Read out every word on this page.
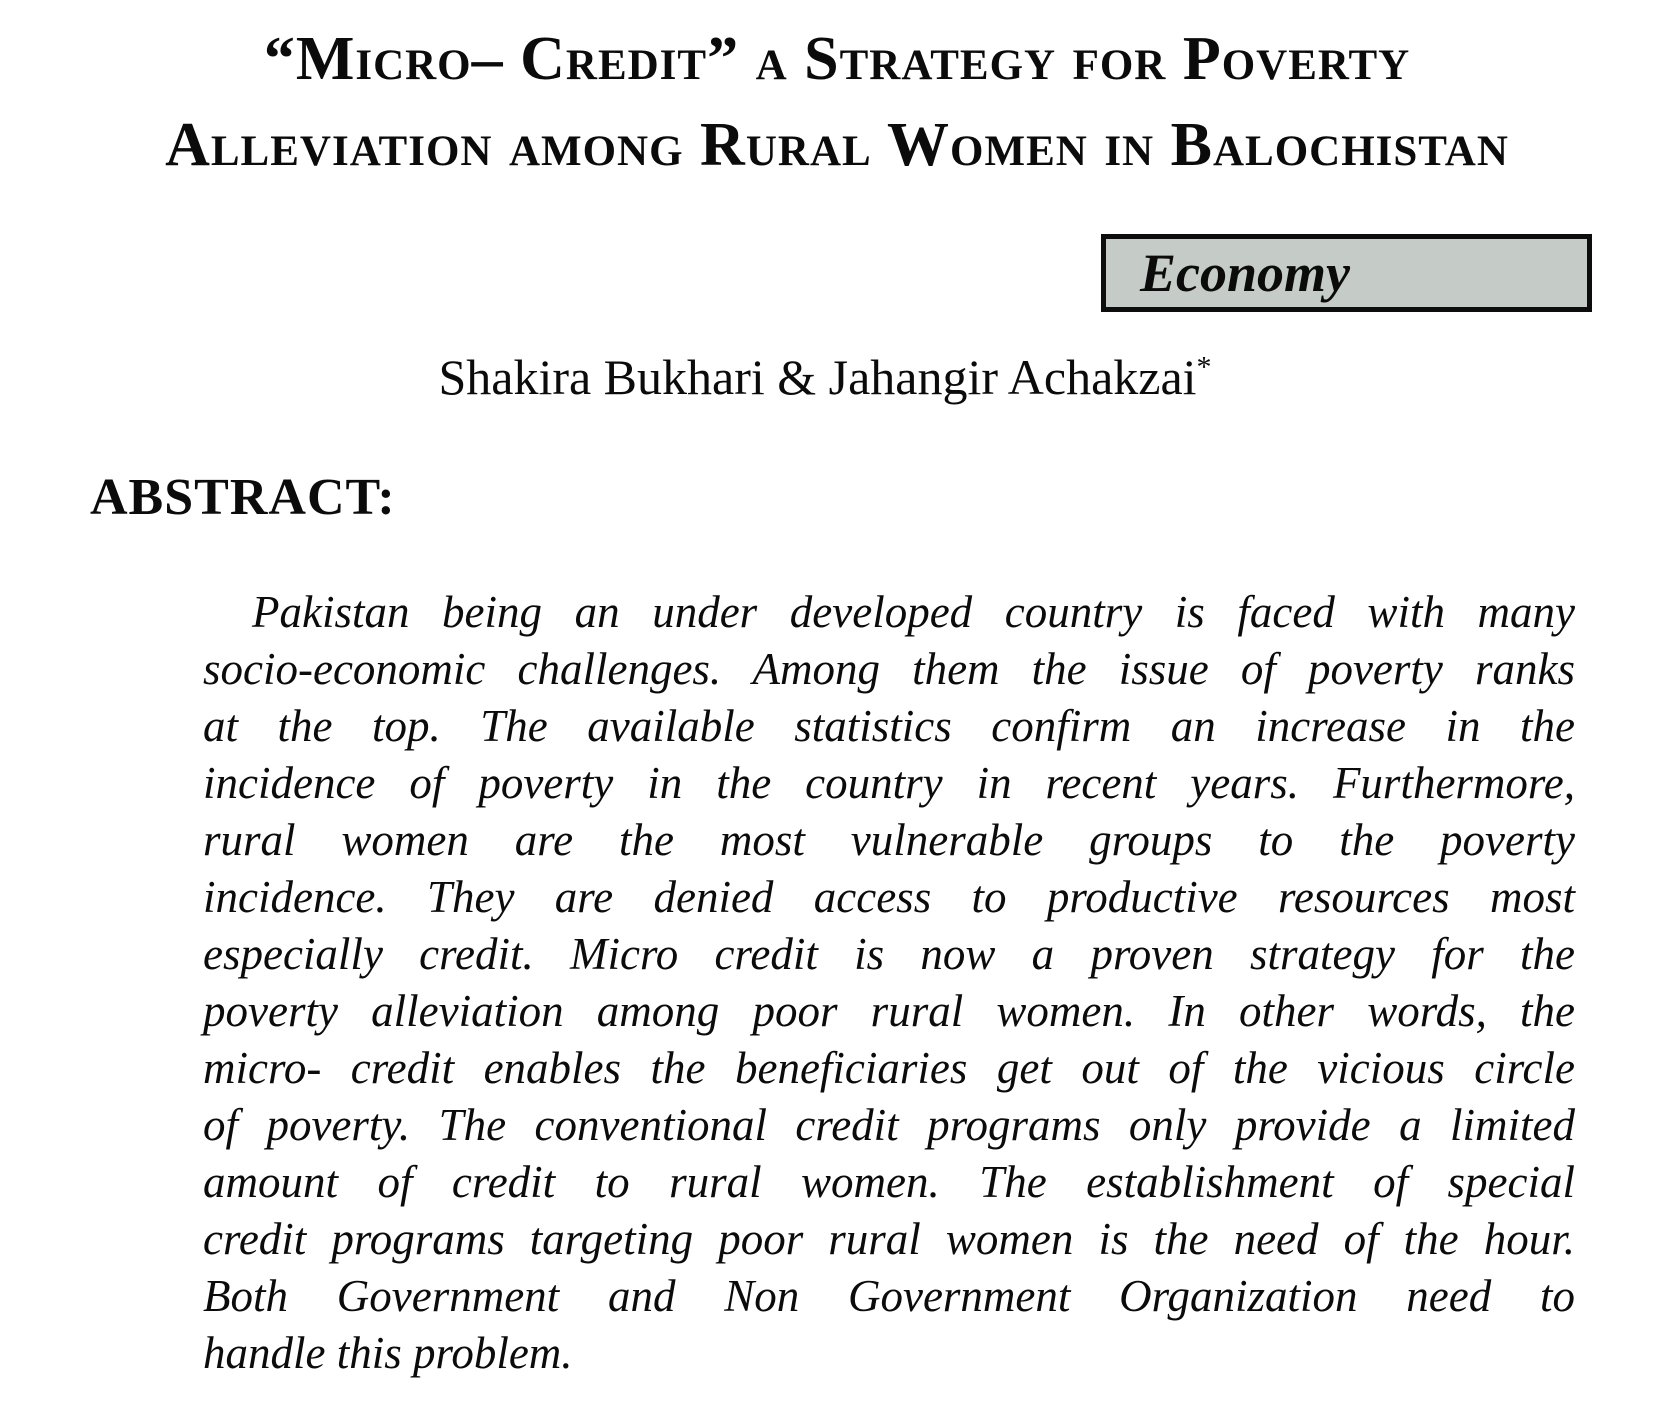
“Micro– Credit” a Strategy for Poverty
Alleviation among Rural Women in Balochistan
Economy
Shakira Bukhari & Jahangir Achakzai*
ABSTRACT:
Pakistan being an under developed country is faced with many
socio-economic challenges. Among them the issue of poverty ranks
at the top. The available statistics confirm an increase in the
incidence of poverty in the country in recent years. Furthermore,
rural women are the most vulnerable groups to the poverty
incidence. They are denied access to productive resources most
especially credit. Micro credit is now a proven strategy for the
poverty alleviation among poor rural women. In other words, the
micro- credit enables the beneficiaries get out of the vicious circle
of poverty. The conventional credit programs only provide a limited
amount of credit to rural women. The establishment of special
credit programs targeting poor rural women is the need of the hour.
Both Government and Non Government Organization need to
handle this problem.
